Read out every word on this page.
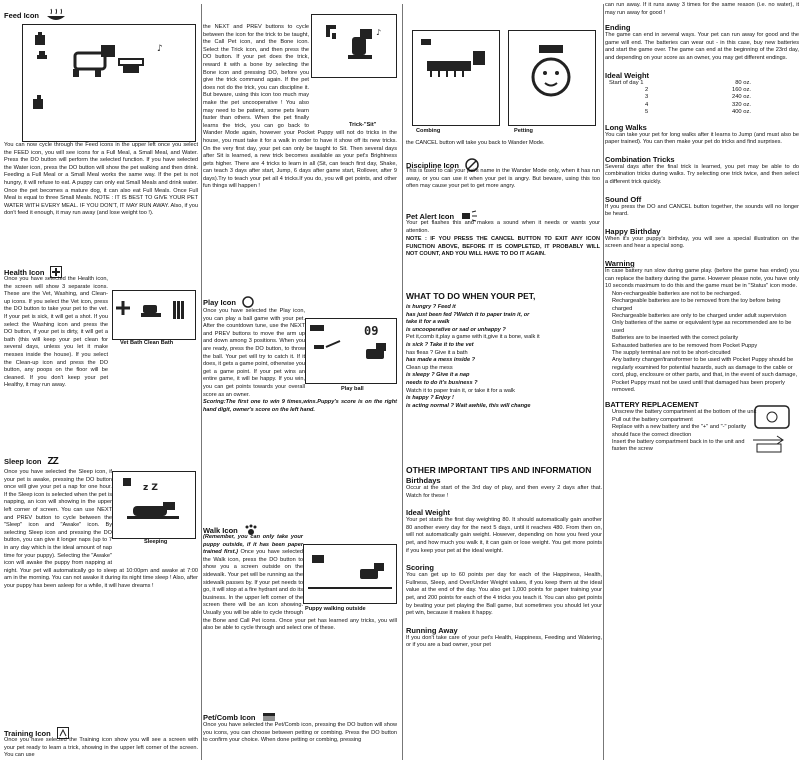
Feed Icon

♪

You can now cycle through the Feed icons in the upper left once you select the FEED icon, you will see icons for a Full Meal, a Small Meal, and Water. Press the DO button will perform the selected function. If you have selected the Water icon, press the DO button will show the pet walking and then drink. Feeding a Full Meal or a Small Meal works the same way. If the pet is not hungry, it will refuse to eat. A puppy can only eat Small Meals and drink water. Once the pet becomes a mature dog, it can also eat Full Meals. Once Full Meal is equal to three Small Meals. NOTE : IT IS BEST TO GIVE YOUR PET WATER WITH EVERY MEAL. IF YOU DON'T, IT MAY RUN AWAY. Also, if you don't feed it enough, it may run away (and lose weight too !).

Health Icon

Vet Bath Clean Bath

Once you have selected the Health icon, the screen will show 3 separate icons. These are the Vet, Washing, and Clean-up icons. If you select the Vet icon, press the DO button to take your pet to the vet. If your pet is sick, it will get a shot. If you select the Washing icon and press the DO button, if your pet is dirty, it will get a bath (this will keep your pet clean for several days, unless you let it make messes inside the house). If you select the Clean-up icon and press the DO button, any poops on the floor will be cleaned. If you don't keep your pet Healthy, it may run away.

Sleep Icon ZZ

z Z
Sleeping

Once you have selected the Sleep icon, if your pet is awake, pressing the DO button once will give your pet a nap for one hour. If the Sleep icon is selected when the pet is napping, an icon will showing in the upper left corner of screen. You can use NEXT and PREV button to cycle between the "Sleep" icon and "Awake" icon. By selecting Sleep icon and pressing the DO button, you can give it longer naps (up to 7 in any day which is the ideal amount of nap time for your puppy). Selecting the "Awake" icon will awake the puppy from napping at night. Your pet will automatically go to sleep at 10:00pm and awake at 7:00 am in the morning. You can not awake it during its night time sleep ! Also, after your puppy has been asleep for a while, it will have dreams !

Training Icon

Once you have selected the Training icon show you will see a screen with your pet ready to learn a trick, showing in the upper left corner of the screen. You can use

♪
Trick-"Sit"

the NEXT and PREV buttons to cycle between the icon for the trick to be taught, the Call Pet icon, and the Bone icon. Select the Trick icon, and then press the DO button. If your pet does the trick, reward it with a bone by selecting the Bone icon and pressing DO, before you give the trick command again. If the pet does not do the trick, you can discipline it. But beware, using this icon too much may make the pet uncooperative ! You also may need to be patient, some pets learn faster than others. When the pet finally learns the trick, you can go back to Wander Mode again, however your Pocket Puppy will not do tricks in the house, you must take it for a walk in order to have it show off its new tricks. On the very first day, your pet can only be taught to Sit. Then several days after Sit is learned, a new trick becomes available as your pet's Brightness gets higher. There are 4 tricks to learn in all (Sit, can teach first day, Shake, can teach 3 days after start, Jump, 6 days after game start, Rollover, after 9 days).Try to teach your pet all 4 tricks.If you do, you will get points, and other fun things will happen !

Play Icon

09
Play ball

Once you have selected the Play icon, you can play a ball game with your pet. After the countdown tune, use the NEXT and PREV buttons to move the arm up and down among 3 positions. When you are ready, press the DO button, to throw the ball. Your pet will try to catch it. If it does, it gets a game point, otherwise you get a game point. If your pet wins an entire game, it will be happy. If you win, you can get points towards your overall score as an owner.
Scoring:The first one to win 9 times,wins.Puppy's score is on the right hand digit, owner's score on the left hand.

Walk Icon

Puppy walking outside

(Remember, you can only take your puppy outside, if it has been paper trained first.) Once you have selected the Walk icon, press the DO button to show you a screen outside on the sidewalk. Your pet will be running as the sidewalk passes by. If your pet needs to go, it will stop at a fire hydrant and do its business. In the upper left corner of the screen there will be an icon showing. Usually you will be able to cycle through the Bone and Call Pet icons. Once your pet has learned any tricks, you will also be able to cycle through and select one of these.

Pet/Comb Icon

Once you have selected the Pet/Comb icon, pressing the DO button will show you icons, you can choose between petting or combing. Press the DO button to confirm your choice. When done petting or combing, pressing

Combing	Petting

the CANCEL button will take you back to Wander Mode.

Discipline Icon

This is used to call your pet's name in the Wander Mode only, when it has run away, or you can use it when your pet is angry. But beware, using this too often may cause your pet to get more angry.

Pet Alert Icon

Your pet flashes this and makes a sound when it needs or wants your attention.

NOTE : IF YOU PRESS THE CANCEL BUTTON TO EXIT ANY ICON FUNCTION ABOVE, BEFORE IT IS COMPLETED, IT PROBABLY WILL NOT COUNT, AND YOU WILL HAVE TO DO IT AGAIN.

WHAT TO DO WHEN YOUR PET,

is hungry ? Feed it

has just been fed ?Watch it to paper train it, or

take it for a walk

is uncooperative or sad or unhappy ?

Pet it,comb it,play a game with it,give it a bone, walk it

is sick ? Take it to the vet

has fleas ? Give it a bath

has made a mess inside ?

Clean up the mess

is sleepy ? Give it a nap

needs to do it's business ?

Watch it to paper train it, or take it for a walk

is happy ? Enjoy !

is acting normal ? Wait awhile, this will change

OTHER IMPORTANT TIPS AND INFORMATION

Birthdays

Occur at the start of the 3rd day of play, and then every 2 days after that. Watch for these !

Ideal Weight

Your pet starts the first day weighting 80. It should automatically gain another 80 another every day for the next 5 days, until it reaches 480. From then on, will not automatically gain weight. However, depending on how you feed your pet, and how much you walk it, it can gain or lose weight. You get more points if you keep your pet at the ideal weight.

Scoring

You can get up to 60 points per day for each of the Happiness, Health, Fullness, Sleep, and Over/Under Weight values, if you keep them at the ideal value at the end of the day. You also get 1,000 points for paper training your pet, and 200 points for each of the 4 tricks you teach it. You can also get points by beating your pet playing the Ball game, but sometimes you should let your pet win, because it makes it happy.

Running Away

If you don't take care of your pet's Health, Happiness, Feeding and Watering, or if you are a bad owner, your pet

can run away. If it runs away 3 times for the same reason (i.e. no water), it may run away for good !

Ending

The game can end in several ways. Your pet can run away for good and the game will end. The batteries can wear out - in this case, buy new batteries and start the game over. The game can end at the beginning of the 23rd day, and depending on your score as an owner, you may get different endings.

Ideal Weight

Start of day 1	80 oz.
2	160 oz.
3	240 oz.
4	320 oz.
5	400 oz.

Long Walks

You can take your pet for long walks after it learns to Jump (and must also be paper trained). You can then make your pet do tricks and find surprises.

Combination Tricks

Several days after the final trick is learned, you pet may be able to do combination tricks during walks. Try selecting one trick twice, and then select a different trick quickly.

Sound Off

If you press the DO and CANCEL button together, the sounds will no longer be heard.

Happy Birthday

When it's your puppy's birthday, you will see a special illustration on the screen and hear a special song.

Warning

In case battery run slow during game play. (before the game has ended) you can replace the battery during the game. However please note, you have only 10 seconds maximum to do this and the game must be in "Status" icon mode.

• Non-rechargeable batteries are not to be recharged.
• Rechargeable batteries are to be removed from the toy before being charged
• Rechargeable batteries are only to be charged under adult supervision
• Only batteries of the same or equivalent type as recommended are to be used
• Batteries are to be inserted with the correct polarity
• Exhausted batteries are to be removed from Pocket Puppy
• The supply terminal are not to be short-circuited
• Any battery changer/transformer to be used with Pocket Puppy should be regularly examined for potential hazards, such as damage to the cable or cord, plug, enclosure or other parts, and that, in the event of such damage, Pocket Puppy must not be used until that damaged has been properly removed.

BATTERY REPLACEMENT

• Unscrew the battery compartment at the bottom of the unit
• Pull out the battery compartment
• Replace with a new battery and the "+" and "-" polarity should face the correct direction
• Insert the battery compartment back in to the unit and fasten the screw
